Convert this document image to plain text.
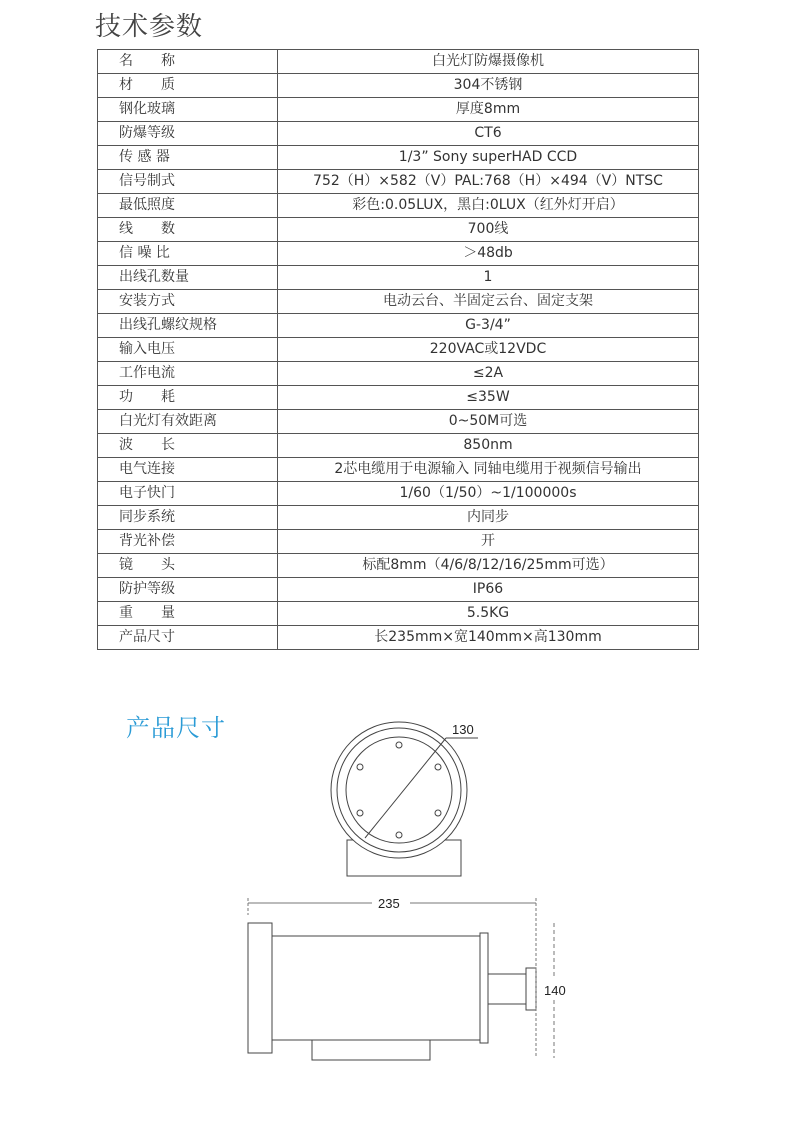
技术参数
名　　称	白光灯防爆摄像机
材　　质	304不锈钢
钢化玻璃	厚度8mm
防爆等级	CT6
传 感 器	1/3” Sony superHAD CCD
信号制式	752（H）×582（V）PAL:768（H）×494（V）NTSC
最低照度	彩色:0.05LUX，黑白:0LUX（红外灯开启）
线　　数	700线
信 噪 比	＞48db
出线孔数量	1
安装方式	电动云台、半固定云台、固定支架
出线孔螺纹规格	G-3/4”
输入电压	220VAC或12VDC
工作电流	≤2A
功　　耗	≤35W
白光灯有效距离	0~50M可选
波　　长	850nm
电气连接	2芯电缆用于电源输入 同轴电缆用于视频信号输出
电子快门	1/60（1/50）~1/100000s
同步系统	内同步
背光补偿	开
镜　　头	标配8mm（4/6/8/12/16/25mm可选）
防护等级	IP66
重　　量	5.5KG
产品尺寸	长235mm×宽140mm×高130mm
产品尺寸	130
235
140
